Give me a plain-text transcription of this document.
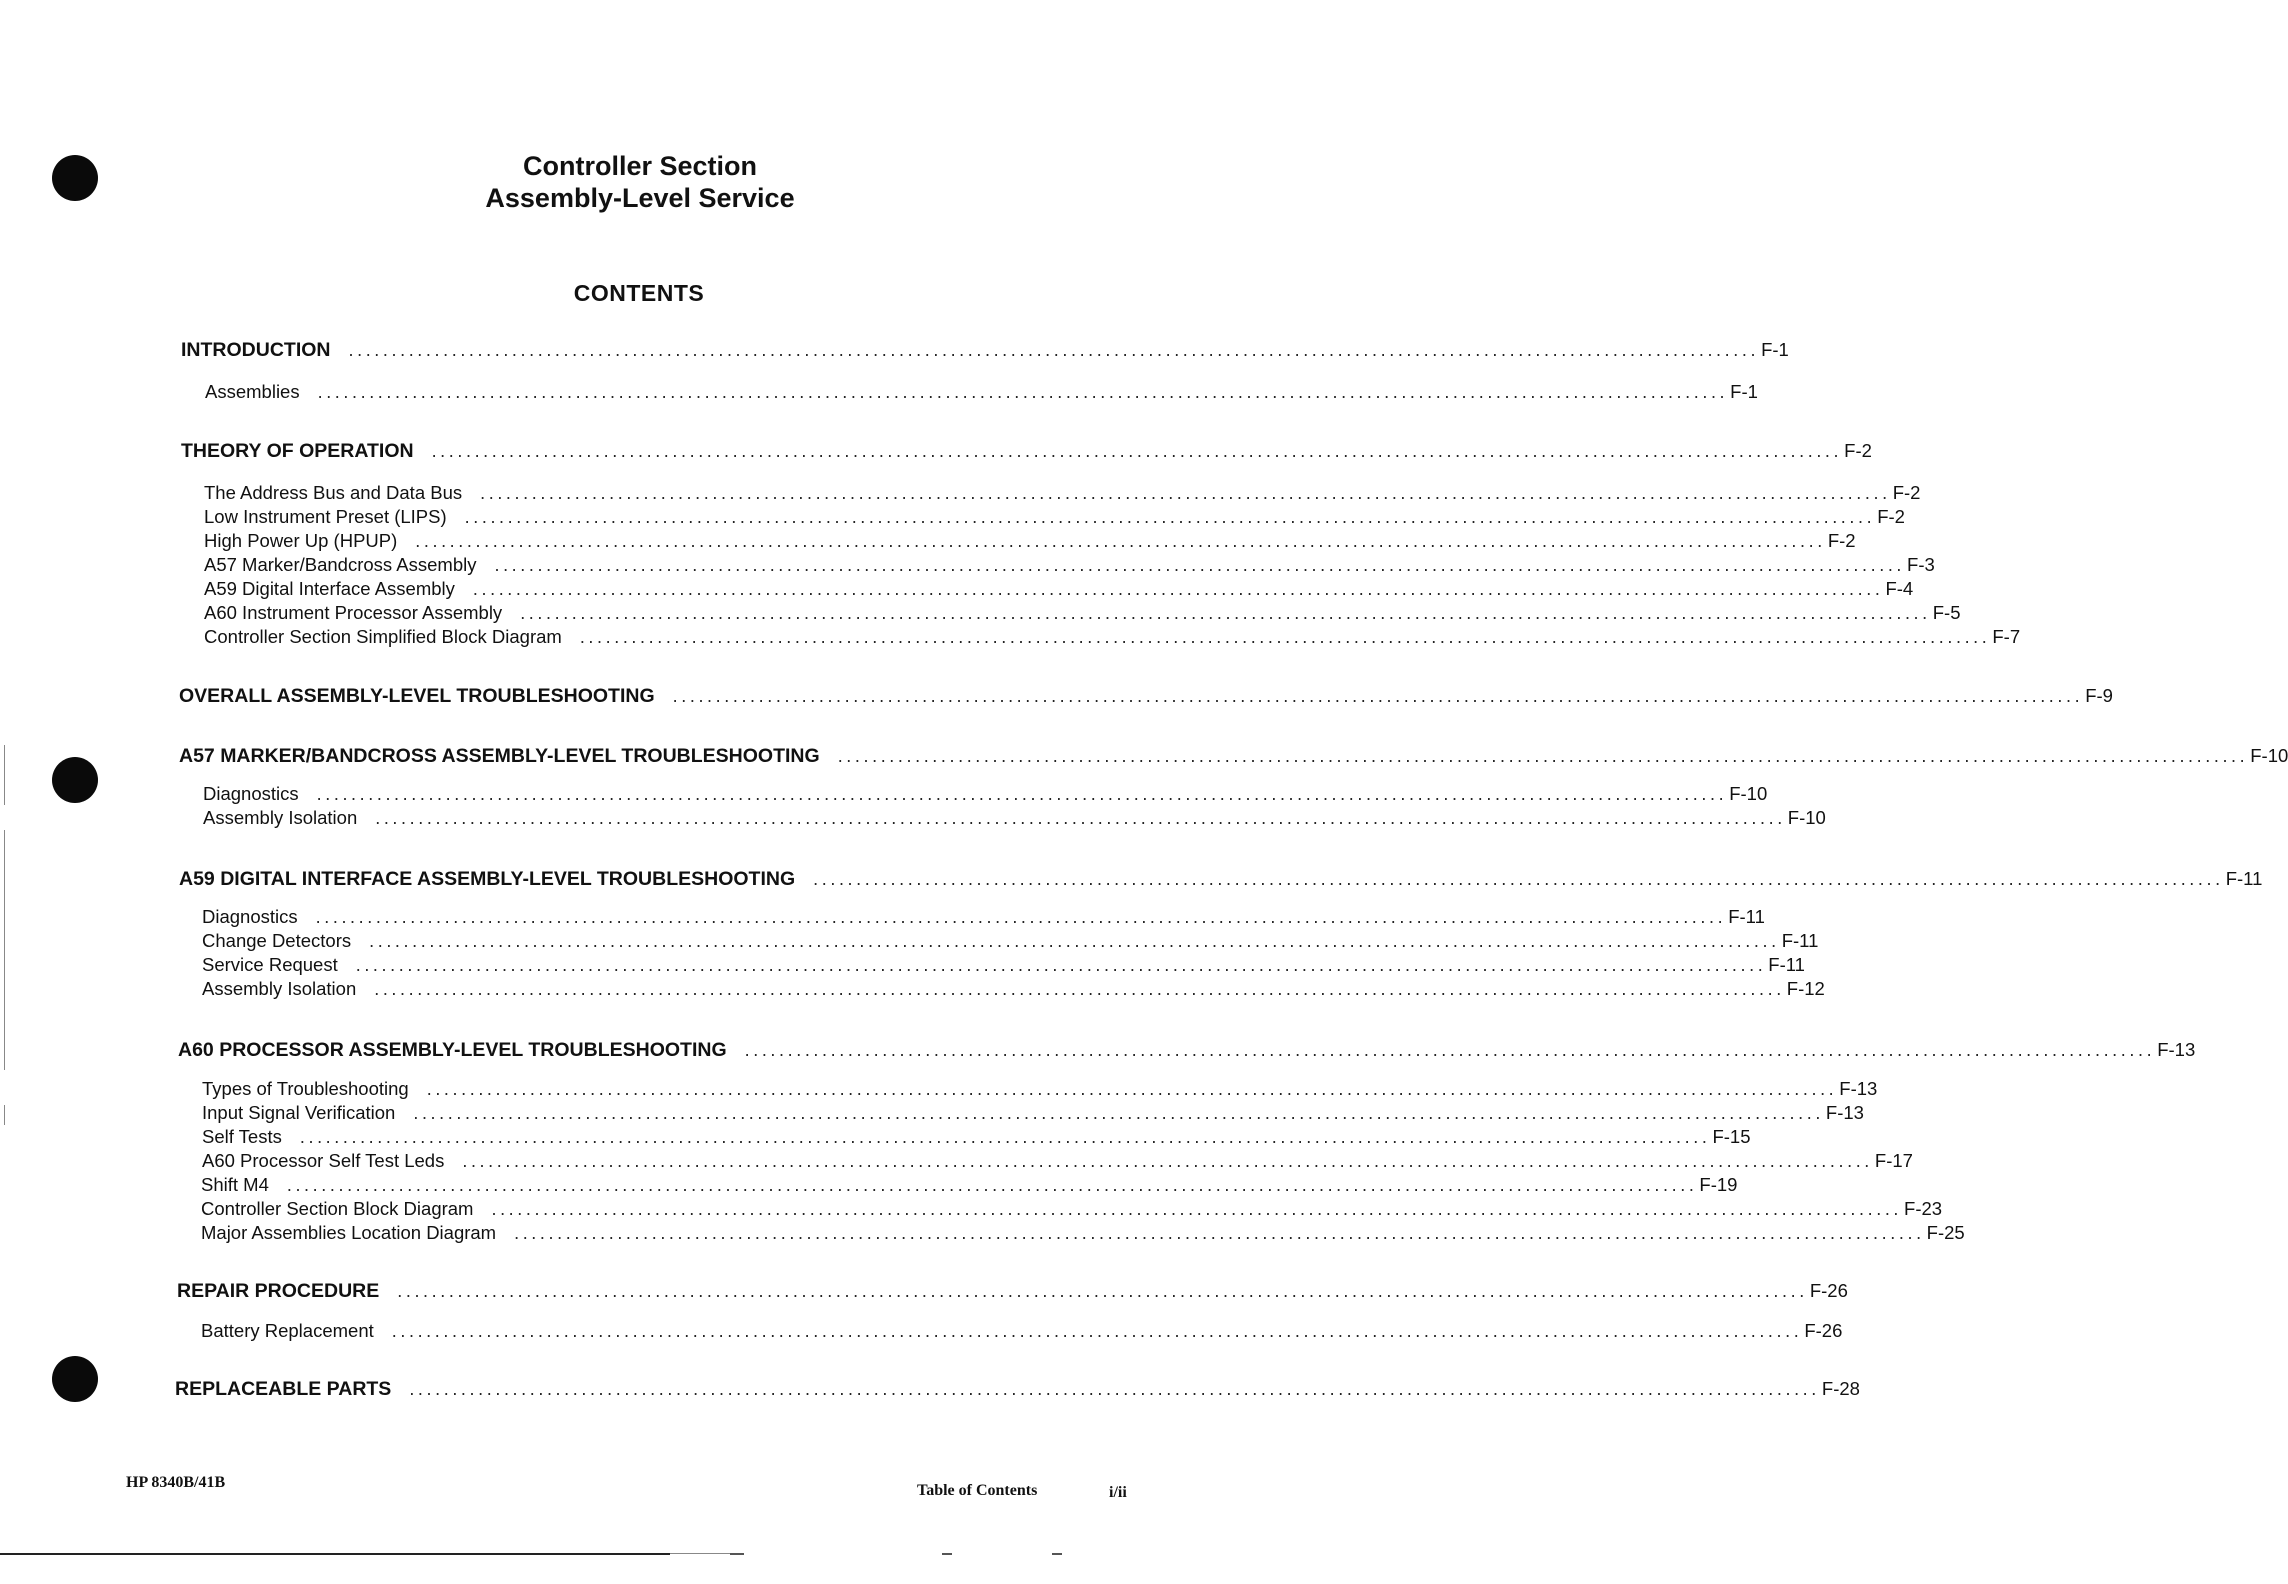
Controller Section
Assembly-Level Service
CONTENTS
INTRODUCTION	.................................................................................................................................................................... F-1
Assemblies	.................................................................................................................................................................... F-1
THEORY OF OPERATION	.................................................................................................................................................................... F-2
The Address Bus and Data Bus	.................................................................................................................................................................... F-2
Low Instrument Preset (LIPS)	.................................................................................................................................................................... F-2
High Power Up (HPUP)	.................................................................................................................................................................... F-2
A57 Marker/Bandcross Assembly	.................................................................................................................................................................... F-3
A59 Digital Interface Assembly	.................................................................................................................................................................... F-4
A60 Instrument Processor Assembly	.................................................................................................................................................................... F-5
Controller Section Simplified Block Diagram	.................................................................................................................................................................... F-7
OVERALL ASSEMBLY-LEVEL TROUBLESHOOTING	.................................................................................................................................................................... F-9
A57 MARKER/BANDCROSS ASSEMBLY-LEVEL TROUBLESHOOTING	.................................................................................................................................................................... F-10
Diagnostics	.................................................................................................................................................................... F-10
Assembly Isolation	.................................................................................................................................................................... F-10
A59 DIGITAL INTERFACE ASSEMBLY-LEVEL TROUBLESHOOTING	.................................................................................................................................................................... F-11
Diagnostics	.................................................................................................................................................................... F-11
Change Detectors	.................................................................................................................................................................... F-11
Service Request	.................................................................................................................................................................... F-11
Assembly Isolation	.................................................................................................................................................................... F-12
A60 PROCESSOR ASSEMBLY-LEVEL TROUBLESHOOTING	.................................................................................................................................................................... F-13
Types of Troubleshooting	.................................................................................................................................................................... F-13
Input Signal Verification	.................................................................................................................................................................... F-13
Self Tests	.................................................................................................................................................................... F-15
A60 Processor Self Test Leds	.................................................................................................................................................................... F-17
Shift M4	.................................................................................................................................................................... F-19
Controller Section Block Diagram	.................................................................................................................................................................... F-23
Major Assemblies Location Diagram	.................................................................................................................................................................... F-25
REPAIR PROCEDURE	.................................................................................................................................................................... F-26
Battery Replacement	.................................................................................................................................................................... F-26
REPLACEABLE PARTS	.................................................................................................................................................................... F-28
HP 8340B/41B	Table of Contents	i/ii
